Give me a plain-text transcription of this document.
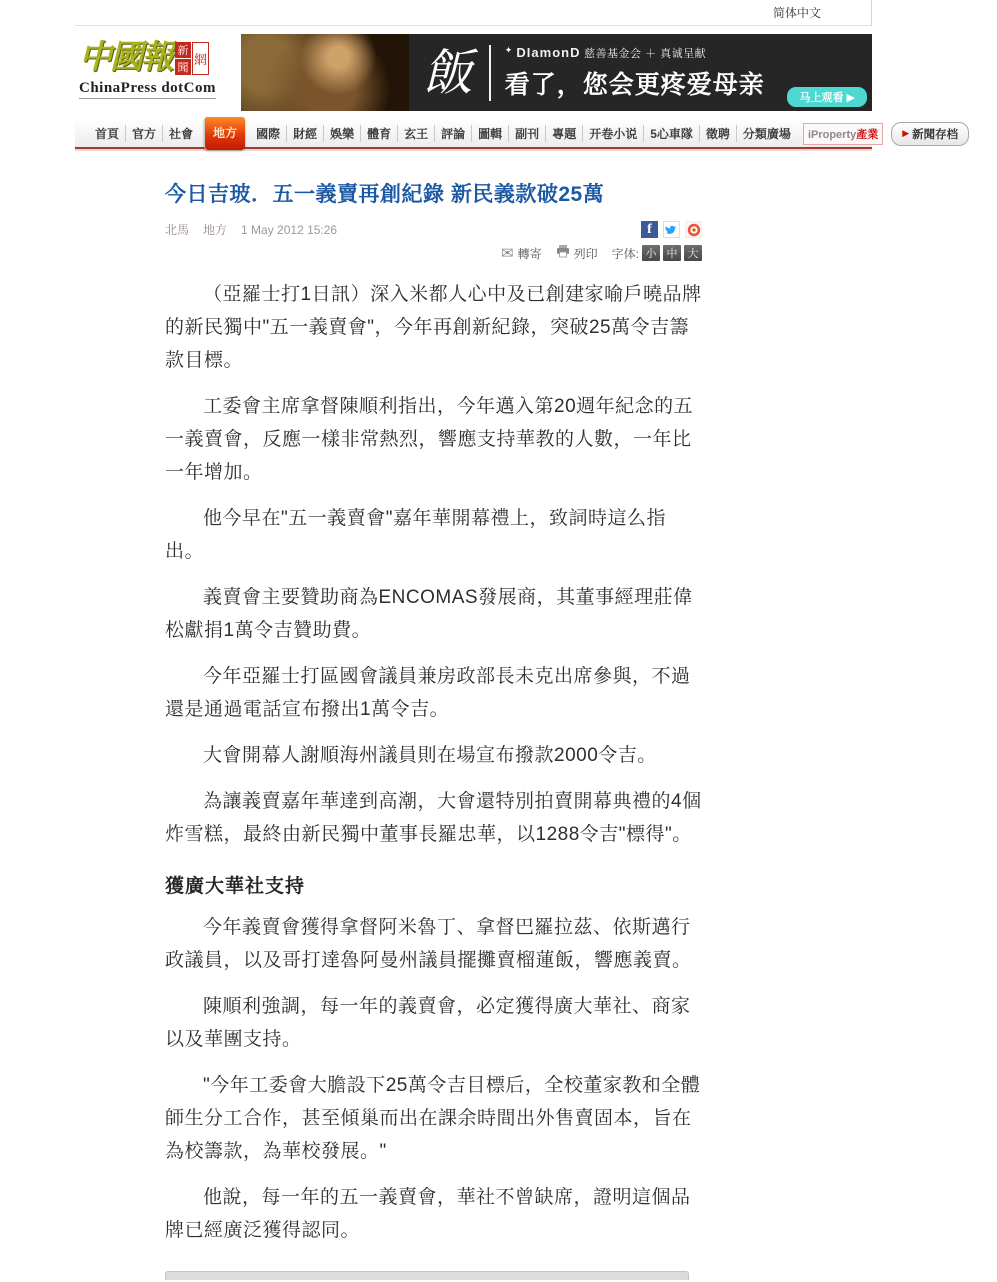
简体中文
中國報 新
聞
網
ChinaPress dotCom	飯	✦ DIamonD 慈善基金会 ＋ 真诚呈献
看了，您会更疼爱母亲	马上观看 ▶
首頁	官方	社會	地方	國際	財經	娛樂	體育	玄王	評論	圖輯	副刊	專題	开卷小说	5心車隊	徵聘	分類廣場	iProperty產業	▶ 新聞存档
今日吉玻．五一義賣再創紀錄 新民義款破25萬
北馬 地方 1 May 2012 15:26	f
✉ 轉寄	列印 字体: 小 中 大

（亞羅士打1日訊）深入米都人心中及已創建家喻戶曉品牌的新民獨中"五一義賣會"，今年再創新紀錄，突破25萬令吉籌款目標。

工委會主席拿督陳順利指出，今年邁入第20週年紀念的五一義賣會，反應一樣非常熱烈，響應支持華教的人數，一年比一年增加。

他今早在"五一義賣會"嘉年華開幕禮上，致詞時這么指出。

義賣會主要贊助商為ENCOMAS發展商，其董事經理莊偉松獻捐1萬令吉贊助費。

今年亞羅士打區國會議員兼房政部長未克出席參與，不過還是通過電話宣布撥出1萬令吉。

大會開幕人謝順海州議員則在場宣布撥款2000令吉。

為讓義賣嘉年華達到高潮，大會還特別拍賣開幕典禮的4個炸雪糕，最終由新民獨中董事長羅忠華，以1288令吉"標得"。

獲廣大華社支持

今年義賣會獲得拿督阿米魯丁、拿督巴羅拉茲、依斯邁行政議員，以及哥打達魯阿曼州議員擺攤賣榴蓮飯，響應義賣。

陳順利強調，每一年的義賣會，必定獲得廣大華社、商家以及華團支持。

"今年工委會大膽設下25萬令吉目標后，全校董家教和全體師生分工合作，甚至傾巢而出在課余時間出外售賣固本，旨在為校籌款，為華校發展。"

他說，每一年的五一義賣會，華社不曾缺席，證明這個品牌已經廣泛獲得認同。
